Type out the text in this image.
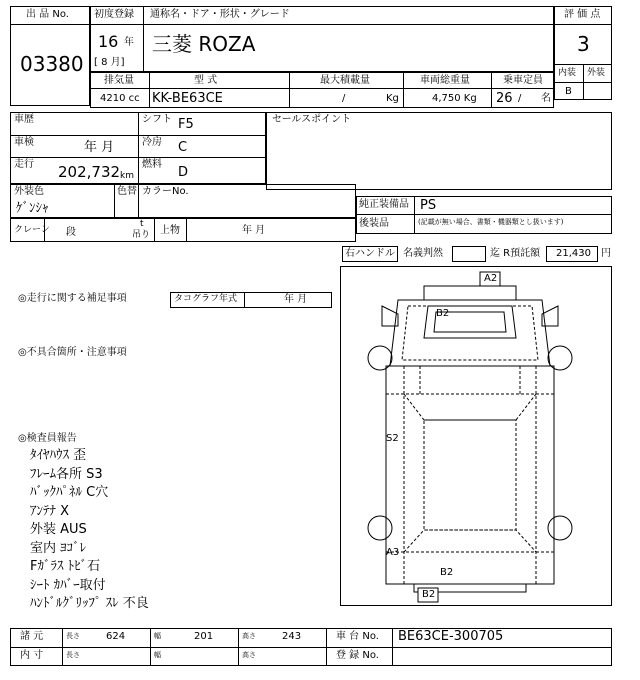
出 品 No.
03380
初度登録
16 年
[ 8 月]
通称名・ドア・形状・グレード
三菱 ROZA
評 価 点
3
内装 外装
B
排気量	型 式	最大積載量	車両総重量	乗車定員
4210 cc KK-BE63CE	/	Kg	4,750 Kg 26 / 名
車歴	シフト F5
車検	年 月	冷房 C
走行 202,732 km
燃料
D
セールスポイント
外装色
ｹﾞﾝｼｬ
色替 カラーNo.
純正装備品 PS
後装品	(記載が無い場合、書類・機器類とし扱います)
クレーン 段
t
吊り 上物	年 月
右ハンドル 名義判然	迄 R預託額 21,430 円
◎走行に関する補足事項	タコグラフ年式	年 月
◎不具合箇所・注意事項
◎検査員報告
ﾀｲﾔﾊｳｽ 歪
ﾌﾚｰﾑ各所 S3
ﾊﾞｯｸﾊﾟﾈﾙ C穴
ｱﾝﾃﾅ X
外装 AUS
室内 ﾖｺﾞﾚ
Fｶﾞﾗｽ ﾄﾋﾞ石
ｼｰﾄ ｶﾊﾞｰ取付
ﾊﾝﾄﾞﾙｸﾞﾘｯﾌﾟ ｽﾚ 不良
A2
B2
S2
A3
B2
B2
諸 元	長さ	624	幅	201	高さ	243	車 台 No. BE63CE-300705
内 寸	長さ	幅	高さ	登 録 No.
